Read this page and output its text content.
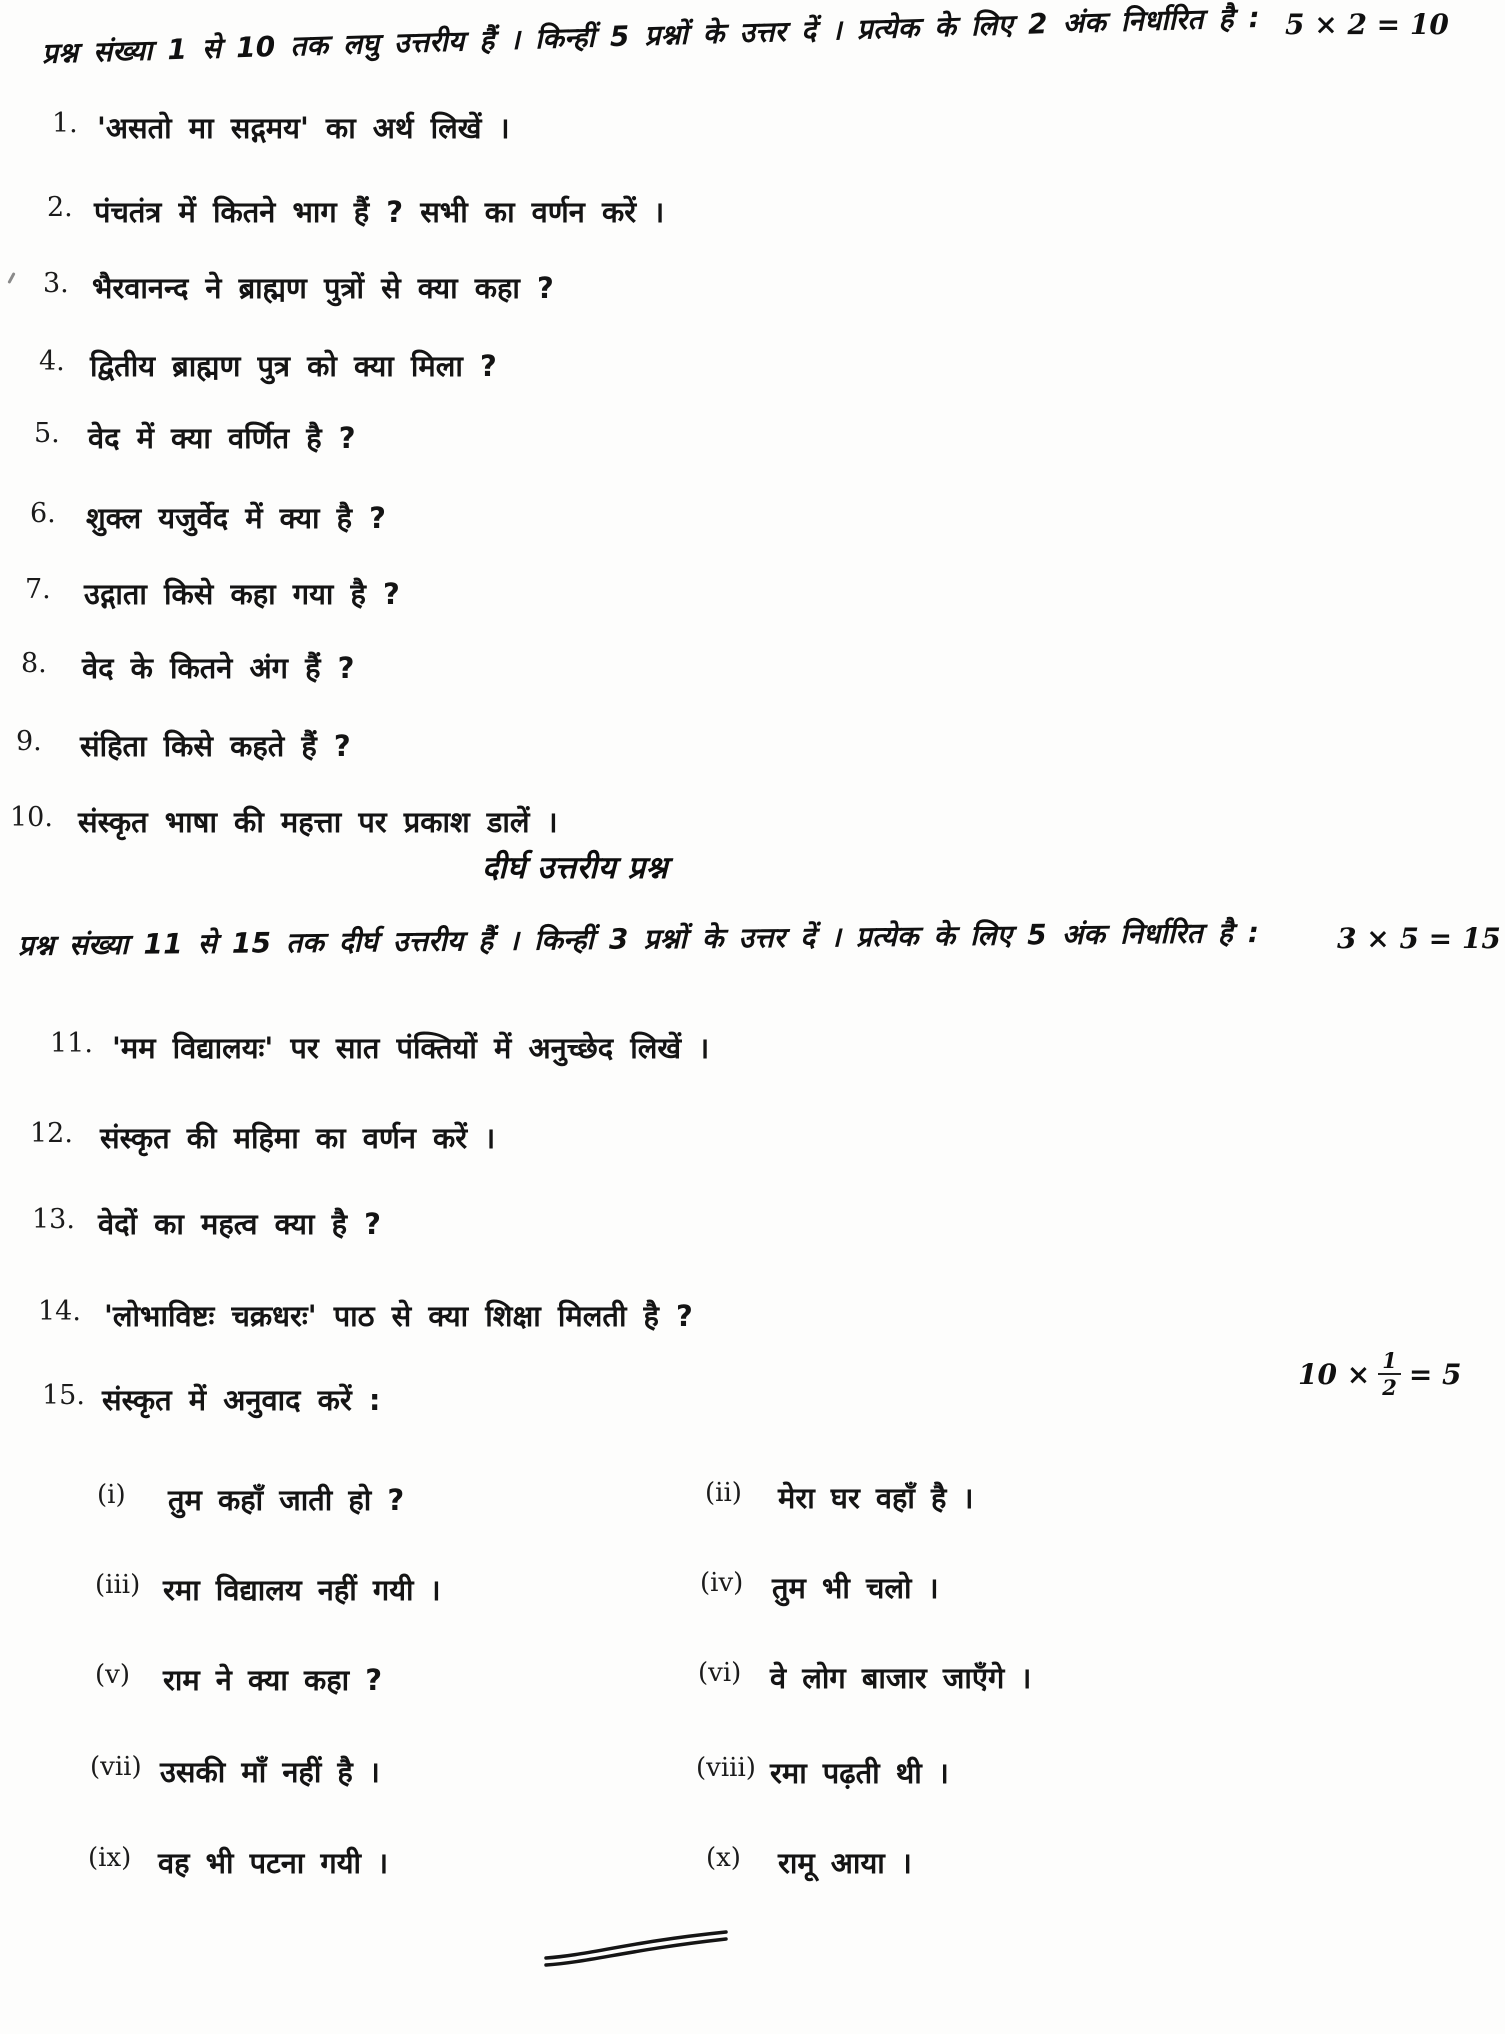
प्रश्न संख्या 1 से 10 तक लघु उत्तरीय हैं । किन्हीं 5 प्रश्नों के उत्तर दें । प्रत्येक के लिए 2 अंक निर्धारित है : 5 × 2 = 10
1. 'असतो मा सद्गमय' का अर्थ लिखें ।
2. पंचतंत्र में कितने भाग हैं ? सभी का वर्णन करें ।
3. भैरवानन्द ने ब्राह्मण पुत्रों से क्या कहा ?
4. द्वितीय ब्राह्मण पुत्र को क्या मिला ?
5. वेद में क्या वर्णित है ?
6. शुक्ल यजुर्वेद में क्या है ?
7. उद्गाता किसे कहा गया है ?
8. वेद के कितने अंग हैं ?
9. संहिता किसे कहते हैं ?
10. संस्कृत भाषा की महत्ता पर प्रकाश डालें ।
दीर्घ उत्तरीय प्रश्न
प्रश्न संख्या 11 से 15 तक दीर्घ उत्तरीय हैं । किन्हीं 3 प्रश्नों के उत्तर दें । प्रत्येक के लिए 5 अंक निर्धारित है :	3 × 5 = 15
11. 'मम विद्यालयः' पर सात पंक्तियों में अनुच्छेद लिखें ।
12. संस्कृत की महिमा का वर्णन करें ।
13. वेदों का महत्व क्या है ?
14. 'लोभाविष्टः चक्रधरः' पाठ से क्या शिक्षा मिलती है ?
15. संस्कृत में अनुवाद करें :
$10 \times \frac{1}{2} = 5$
(i) तुम कहाँ जाती हो ?
(iii) रमा विद्यालय नहीं गयी ।
(v) राम ने क्या कहा ?
(vii) उसकी माँ नहीं है ।
(ix) वह भी पटना गयी ।
(ii) मेरा घर वहाँ है ।
(iv) तुम भी चलो ।
(vi) वे लोग बाजार जाएँगे ।
(viii) रमा पढ़ती थी ।
(x) रामू आया ।
